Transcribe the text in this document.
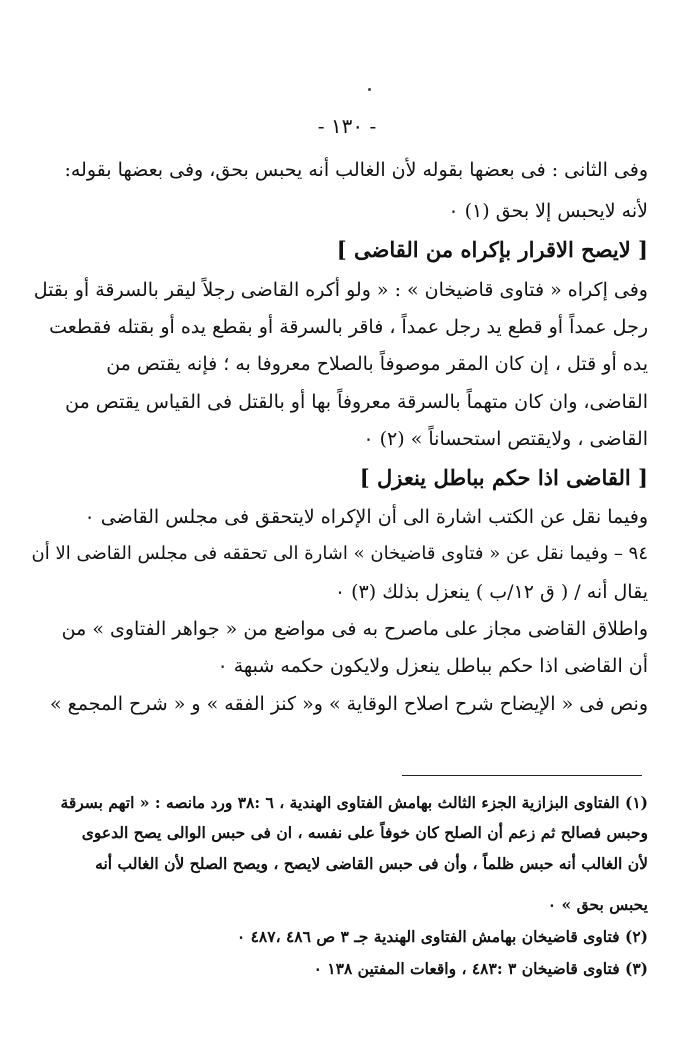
- ١٣٠ -
وفى الثانى : فى بعضها بقوله لأن الغالب أنه يحبس بحق، وفى بعضها بقوله:
لأنه لايحبس إلا بحق (١) ٠
[ لايصح الاقرار بإكراه من القاضى ]
وفى إكراه « فتاوى قاضيخان » : « ولو أكره القاضى رجلاً ليقر بالسرقة أو بقتل
رجل عمداً أو قطع يد رجل عمداً ، فاقر بالسرقة أو بقطع يده أو بقتله فقطعت
يده أو قتل ، إن كان المقر موصوفاً بالصلاح معروفا به ؛ فإنه يقتص من
القاضى، وان كان متهماً بالسرقة معروفاً بها أو بالقتل فى القياس يقتص من
القاضى ، ولايقتص استحساناً » (٢) ٠
[ القاضى اذا حكم بباطل ينعزل ]
وفيما نقل عن الكتب اشارة الى أن الإكراه لايتحقق فى مجلس القاضى ٠
٩٤ – وفيما نقل عن « فتاوى قاضيخان » اشارة الى تحققه فى مجلس القاضى الا أن
يقال أنه / ( ق ١٢/ب ) ينعزل بذلك (٣) ٠
واطلاق القاضى مجاز على ماصرح به فى مواضع من « جواهر الفتاوى » من
أن القاضى اذا حكم بباطل ينعزل ولايكون حكمه شبهة ٠
ونص فى « الإيضاح شرح اصلاح الوقاية » و« كنز الفقه » و « شرح المجمع »
(١) الفتاوى البزازية الجزء الثالث بهامش الفتاوى الهندية ، ٦ :٣٨ ورد مانصه : « اتهم بسرقة
وحبس فصالح ثم زعم أن الصلح كان خوفاً على نفسه ، ان فى حبس الوالى يصح الدعوى
لأن الغالب أنه حبس ظلماً ، وأن فى حبس القاضى لايصح ، ويصح الصلح لأن الغالب أنه
يحبس بحق » ٠
(٢) فتاوى قاضيخان بهامش الفتاوى الهندية جـ ٣ ص ٤٨٦ ،٤٨٧ ٠
(٣) فتاوى قاضيخان ٣ :٤٨٣ ، واقعات المفتين ١٣٨ ٠
